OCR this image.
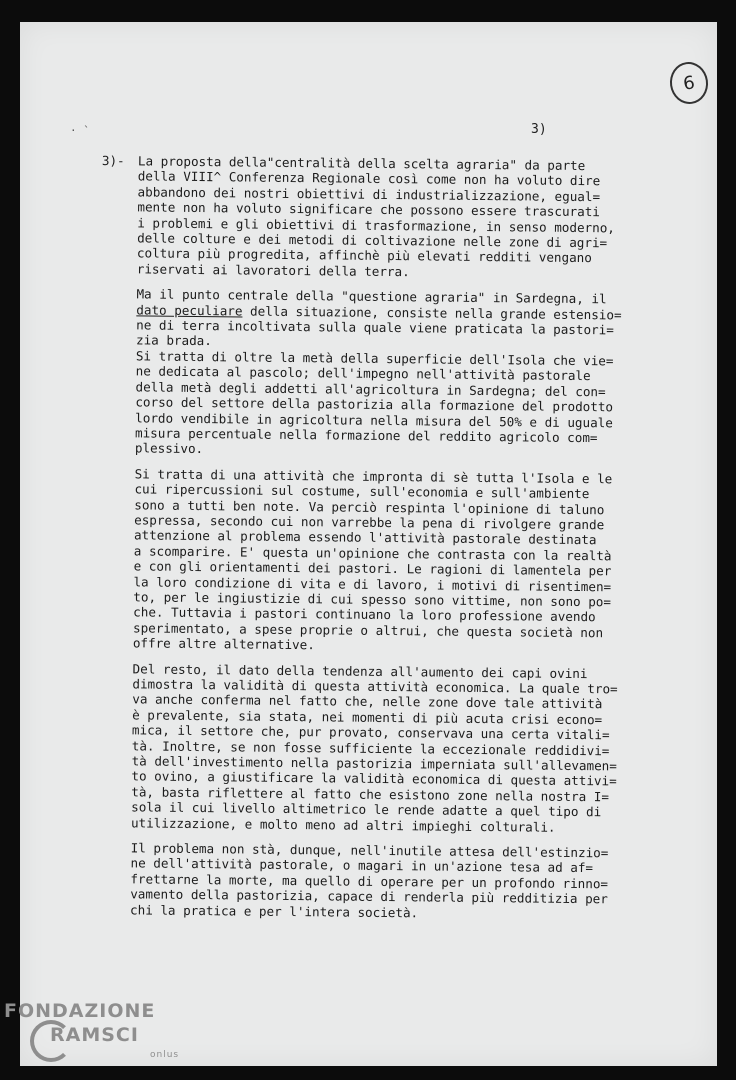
6
· `	3)
3)- La proposta della"centralità della scelta agraria" da parte
della VIII^ Conferenza Regionale così come non ha voluto dire
abbandono dei nostri obiettivi di industrializzazione, egual=
mente non ha voluto significare che possono essere trascurati
i problemi e gli obiettivi di trasformazione, in senso moderno,
delle colture e dei metodi di coltivazione nelle zone di agri=
coltura più progredita, affinchè più elevati redditi vengano
riservati ai lavoratori della terra.
Ma il punto centrale della "questione agraria" in Sardegna, il
dato peculiare della situazione, consiste nella grande estensio=
ne di terra incoltivata sulla quale viene praticata la pastori=
zia brada.
Si tratta di oltre la metà della superficie dell'Isola che vie=
ne dedicata al pascolo; dell'impegno nell'attività pastorale
della metà degli addetti all'agricoltura in Sardegna; del con=
corso del settore della pastorizia alla formazione del prodotto
lordo vendibile in agricoltura nella misura del 50% e di uguale
misura percentuale nella formazione del reddito agricolo com=
plessivo.
Si tratta di una attività che impronta di sè tutta l'Isola e le
cui ripercussioni sul costume, sull'economia e sull'ambiente
sono a tutti ben note. Va perciò respinta l'opinione di taluno
espressa, secondo cui non varrebbe la pena di rivolgere grande
attenzione al problema essendo l'attività pastorale destinata
a scomparire. E' questa un'opinione che contrasta con la realtà
e con gli orientamenti dei pastori. Le ragioni di lamentela per
la loro condizione di vita e di lavoro, i motivi di risentimen=
to, per le ingiustizie di cui spesso sono vittime, non sono po=
che. Tuttavia i pastori continuano la loro professione avendo
sperimentato, a spese proprie o altrui, che questa società non
offre altre alternative.
Del resto, il dato della tendenza all'aumento dei capi ovini
dimostra la validità di questa attività economica. La quale tro=
va anche conferma nel fatto che, nelle zone dove tale attività
è prevalente, sia stata, nei momenti di più acuta crisi econo=
mica, il settore che, pur provato, conservava una certa vitali=
tà. Inoltre, se non fosse sufficiente la eccezionale reddidivi=
tà dell'investimento nella pastorizia imperniata sull'allevamen=
to ovino, a giustificare la validità economica di questa attivi=
tà, basta riflettere al fatto che esistono zone nella nostra I=
sola il cui livello altimetrico le rende adatte a quel tipo di
utilizzazione, e molto meno ad altri impieghi colturali.
Il problema non stà, dunque, nell'inutile attesa dell'estinzio=
ne dell'attività pastorale, o magari in un'azione tesa ad af=
frettarne la morte, ma quello di operare per un profondo rinno=
vamento della pastorizia, capace di renderla più redditizia per
chi la pratica e per l'intera società.
FONDAZIONE
RAMSCI
onlus
